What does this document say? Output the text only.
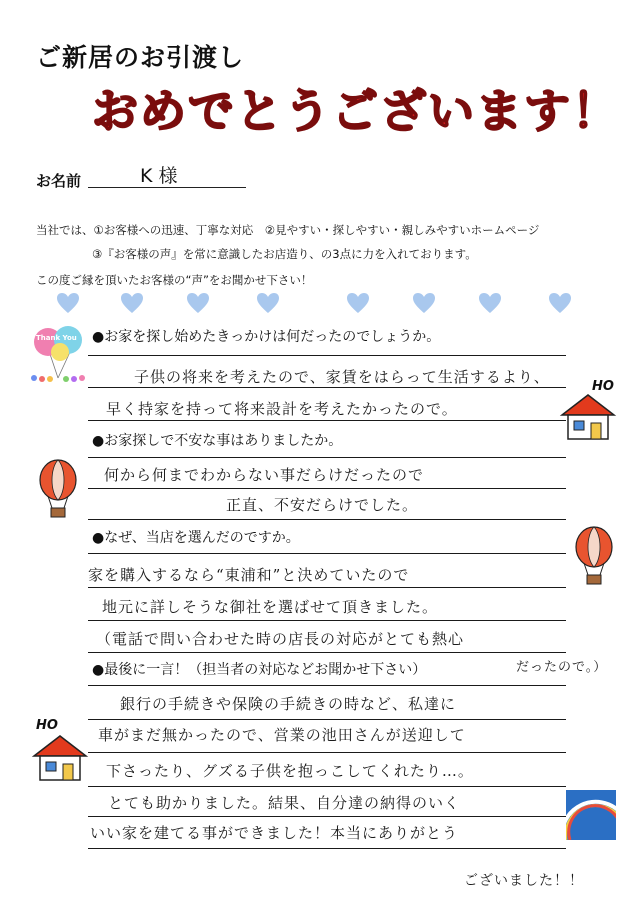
ご新居のお引渡し
おめでとうございます！
お名前	K 様
当社では、①お客様への迅速、丁寧な対応　②見やすい・探しやすい・親しみやすいホームページ
③『お客様の声』を常に意識したお店造り、の3点に力を入れております。
この度ご縁を頂いたお客様の“声”をお聞かせ下さい！
Thank You
HO
HO
●お家を探し始めたきっかけは何だったのでしょうか。
子供の将来を考えたので、家賃をはらって生活するより、
早く持家を持って将来設計を考えたかったので。
●お家探しで不安な事はありましたか。
何から何までわからない事だらけだったので
正直、不安だらけでした。
●なぜ、当店を選んだのですか。
家を購入するなら“東浦和”と決めていたので
地元に詳しそうな御社を選ばせて頂きました。
（電話で問い合わせた時の店長の対応がとても熱心
だったので。）
●最後に一言！（担当者の対応などお聞かせ下さい）
銀行の手続きや保険の手続きの時など、私達に
車がまだ無かったので、営業の池田さんが送迎して
下さったり、グズる子供を抱っこしてくれたり…。
とても助かりました。結果、自分達の納得のいく
いい家を建てる事ができました！本当にありがとう
ございました！！
